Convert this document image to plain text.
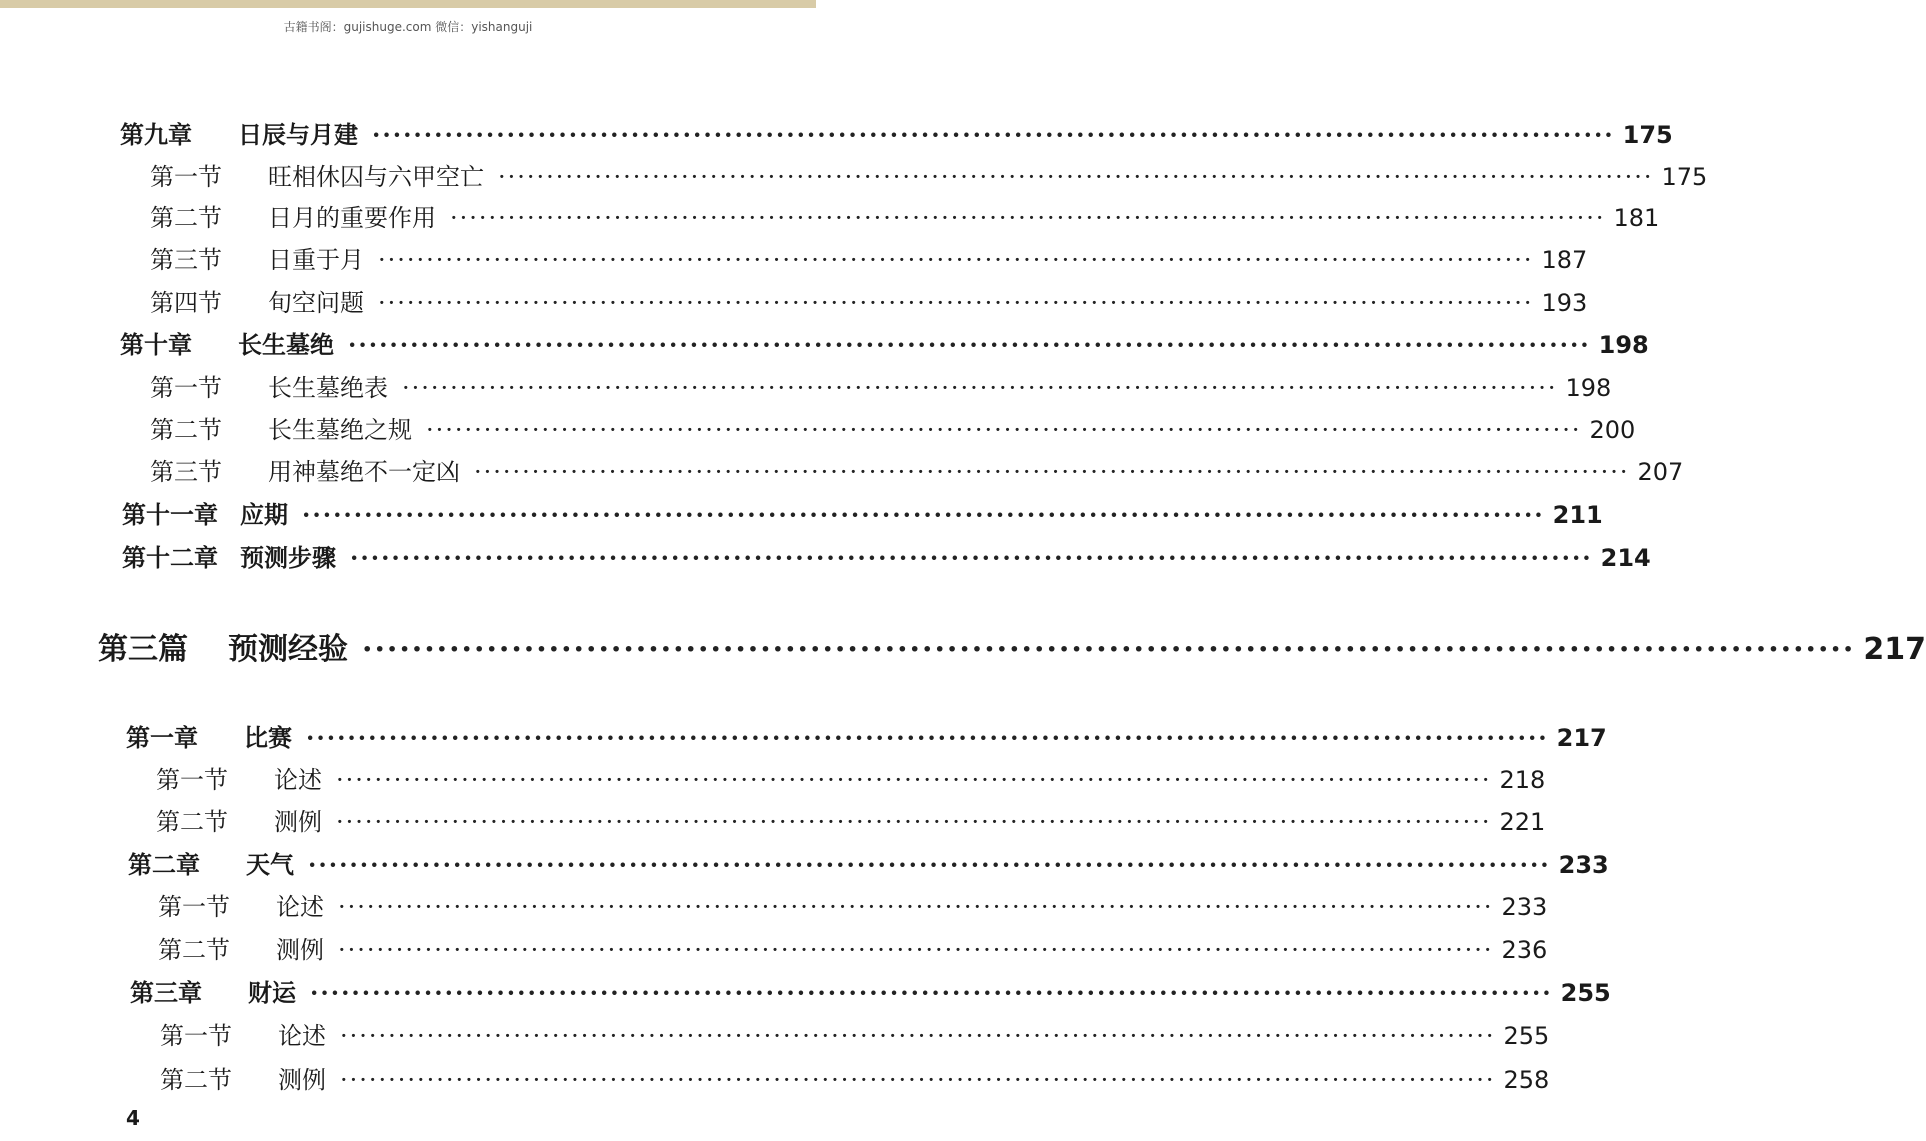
古籍书阁：gujishuge.com 微信：yishanguji
第九章	日辰与月建 ························································································································ 175
第一节	旺相休囚与六甲空亡 ························································································································ 175
第二节	日月的重要作用 ························································································································ 181
第三节	日重于月 ························································································································ 187
第四节	旬空问题 ························································································································ 193
第十章	长生墓绝 ························································································································ 198
第一节	长生墓绝表 ························································································································ 198
第二节	长生墓绝之规 ························································································································ 200
第三节	用神墓绝不一定凶 ························································································································ 207
第十一章 应期 ························································································································ 211
第十二章 预测步骤 ························································································································ 214
第三篇	预测经验 ························································································································ 217
第一章	比赛 ························································································································ 217
第一节	论述 ························································································································ 218
第二节	测例 ························································································································ 221
第二章	天气 ························································································································ 233
第一节	论述 ························································································································ 233
第二节	测例 ························································································································ 236
第三章	财运 ························································································································ 255
第一节	论述 ························································································································ 255
第二节	测例 ························································································································ 258
4
